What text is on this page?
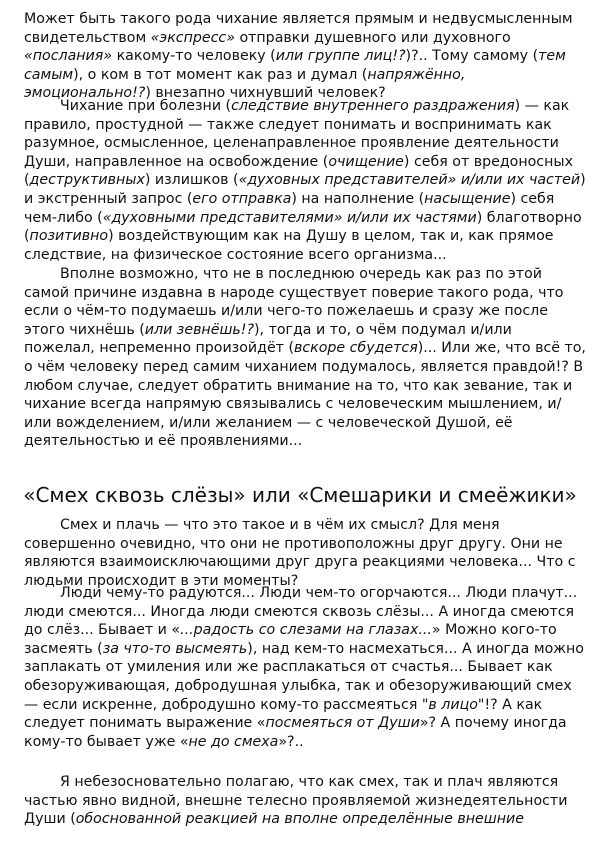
Может быть такого рода чихание является прямым и недвусмысленным свидетельством «экспресс» отправки душевного или духовного «послания» какому-то человеку (или группе лиц!?)?.. Тому самому (тем самым), о ком в тот момент как раз и думал (напряжённо, эмоционально!?) внезапно чихнувший человек?

Чихание при болезни (следствие внутреннего раздражения) — как правило, простудной — также следует понимать и воспринимать как разумное, осмысленное, целенаправленное проявление деятельности Души, направленное на освобождение (очищение) себя от вредоносных (деструктивных) излишков («духовных представителей» и/или их частей) и экстренный запрос (его отправка) на наполнение (насыщение) себя чем-либо («духовными представителями» и/или их частями) благотворно (позитивно) воздействующим как на Душу в целом, так и, как прямое следствие, на физическое состояние всего организма...

Вполне возможно, что не в последнюю очередь как раз по этой самой причине издавна в народе существует поверие такого рода, что если о чём-то подумаешь и/или чего-то пожелаешь и сразу же после этого чихнёшь (или зевнёшь!?), тогда и то, о чём подумал и/или пожелал, непременно произойдёт (вскоре сбудется)... Или же, что всё то, о чём человеку перед самим чиханием подумалось, является правдой!? В любом случае, следует обратить внимание на то, что как зевание, так и чихание всегда напрямую связывались с человеческим мышлением, и/или вожделением, и/или желанием — с человеческой Душой, её деятельностью и её проявлениями...

«Смех сквозь слёзы» или «Смешарики и смеёжики»

Смех и плачь — что это такое и в чём их смысл? Для меня совершенно очевидно, что они не противоположны друг другу. Они не являются взаимоисключающими друг друга реакциями человека... Что с людьми происходит в эти моменты?

Люди чему-то радуются... Люди чем-то огорчаются... Люди плачут... люди смеются... Иногда люди смеются сквозь слёзы... А иногда смеются до слёз... Бывает и «...радость со слезами на глазах...» Можно кого-то засмеять (за что-то высмеять), над кем-то насмехаться... А иногда можно заплакать от умиления или же расплакаться от счастья... Бывает как обезоруживающая, добродушная улыбка, так и обезоруживающий смех — если искренне, добродушно кому-то рассмеяться "в лицо"!? А как следует понимать выражение «посмеяться от Души»? А почему иногда кому-то бывает уже «не до смеха»?..

Я небезосновательно полагаю, что как смех, так и плач являются частью явно видной, внешне телесно проявляемой жизнедеятельности Души (обоснованной реакцией на вполне определённые внешние
